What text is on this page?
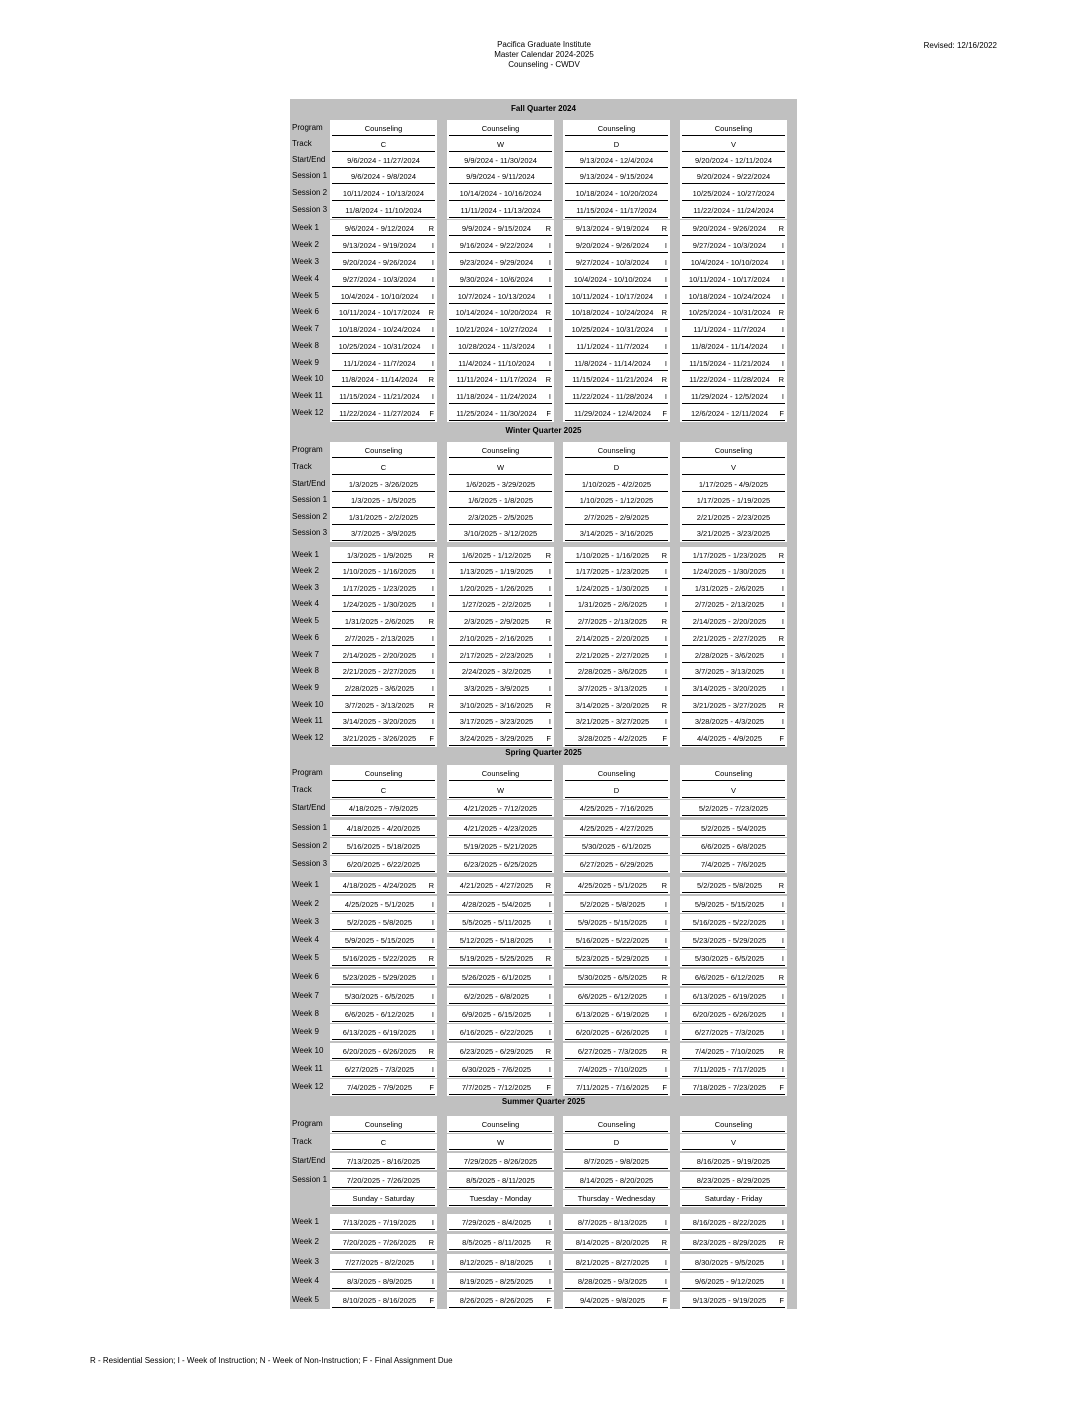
Pacifica Graduate Institute
Master Calendar 2024-2025
Counseling - CWDV
Revised: 12/16/2022
Fall Quarter 2024
Program	Counseling	Counseling	Counseling	Counseling
Track	C	W	D	V
Start/End	9/6/2024 - 11/27/2024	9/9/2024 - 11/30/2024	9/13/2024 - 12/4/2024	9/20/2024 - 12/11/2024
Session 1	9/6/2024 - 9/8/2024	9/9/2024 - 9/11/2024	9/13/2024 - 9/15/2024	9/20/2024 - 9/22/2024
Session 2	10/11/2024 - 10/13/2024	10/14/2024 - 10/16/2024	10/18/2024 - 10/20/2024	10/25/2024 - 10/27/2024
Session 3	11/8/2024 - 11/10/2024	11/11/2024 - 11/13/2024	11/15/2024 - 11/17/2024	11/22/2024 - 11/24/2024
Week 1	9/6/2024 - 9/12/2024	R	9/9/2024 - 9/15/2024	R	9/13/2024 - 9/19/2024	R	9/20/2024 - 9/26/2024	R
Week 2	9/13/2024 - 9/19/2024	I	9/16/2024 - 9/22/2024	I	9/20/2024 - 9/26/2024	I	9/27/2024 - 10/3/2024	I
Week 3	9/20/2024 - 9/26/2024	I	9/23/2024 - 9/29/2024	I	9/27/2024 - 10/3/2024	I	10/4/2024 - 10/10/2024	I
Week 4	9/27/2024 - 10/3/2024	I	9/30/2024 - 10/6/2024	I	10/4/2024 - 10/10/2024	I	10/11/2024 - 10/17/2024	I
Week 5	10/4/2024 - 10/10/2024	I	10/7/2024 - 10/13/2024	I	10/11/2024 - 10/17/2024	I	10/18/2024 - 10/24/2024	I
Week 6	10/11/2024 - 10/17/2024	R	10/14/2024 - 10/20/2024	R	10/18/2024 - 10/24/2024	R	10/25/2024 - 10/31/2024	R
Week 7	10/18/2024 - 10/24/2024	I	10/21/2024 - 10/27/2024	I	10/25/2024 - 10/31/2024	I	11/1/2024 - 11/7/2024	I
Week 8	10/25/2024 - 10/31/2024	I	10/28/2024 - 11/3/2024	I	11/1/2024 - 11/7/2024	I	11/8/2024 - 11/14/2024	I
Week 9	11/1/2024 - 11/7/2024	I	11/4/2024 - 11/10/2024	I	11/8/2024 - 11/14/2024	I	11/15/2024 - 11/21/2024	I
Week 10	11/8/2024 - 11/14/2024	R	11/11/2024 - 11/17/2024	R	11/15/2024 - 11/21/2024	R	11/22/2024 - 11/28/2024	R
Week 11	11/15/2024 - 11/21/2024	I	11/18/2024 - 11/24/2024	I	11/22/2024 - 11/28/2024	I	11/29/2024 - 12/5/2024	I
Week 12	11/22/2024 - 11/27/2024	F	11/25/2024 - 11/30/2024	F	11/29/2024 - 12/4/2024	F	12/6/2024 - 12/11/2024	F
Winter Quarter 2025
Program	Counseling	Counseling	Counseling	Counseling
Track	C	W	D	V
Start/End	1/3/2025 - 3/26/2025	1/6/2025 - 3/29/2025	1/10/2025 - 4/2/2025	1/17/2025 - 4/9/2025
Session 1	1/3/2025 - 1/5/2025	1/6/2025 - 1/8/2025	1/10/2025 - 1/12/2025	1/17/2025 - 1/19/2025
Session 2	1/31/2025 - 2/2/2025	2/3/2025 - 2/5/2025	2/7/2025 - 2/9/2025	2/21/2025 - 2/23/2025
Session 3	3/7/2025 - 3/9/2025	3/10/2025 - 3/12/2025	3/14/2025 - 3/16/2025	3/21/2025 - 3/23/2025
Week 1	1/3/2025 - 1/9/2025	R	1/6/2025 - 1/12/2025	R	1/10/2025 - 1/16/2025	R	1/17/2025 - 1/23/2025	R
Week 2	1/10/2025 - 1/16/2025	I	1/13/2025 - 1/19/2025	I	1/17/2025 - 1/23/2025	I	1/24/2025 - 1/30/2025	I
Week 3	1/17/2025 - 1/23/2025	I	1/20/2025 - 1/26/2025	I	1/24/2025 - 1/30/2025	I	1/31/2025 - 2/6/2025	I
Week 4	1/24/2025 - 1/30/2025	I	1/27/2025 - 2/2/2025	I	1/31/2025 - 2/6/2025	I	2/7/2025 - 2/13/2025	I
Week 5	1/31/2025 - 2/6/2025	R	2/3/2025 - 2/9/2025	R	2/7/2025 - 2/13/2025	R	2/14/2025 - 2/20/2025	I
Week 6	2/7/2025 - 2/13/2025	I	2/10/2025 - 2/16/2025	I	2/14/2025 - 2/20/2025	I	2/21/2025 - 2/27/2025	R
Week 7	2/14/2025 - 2/20/2025	I	2/17/2025 - 2/23/2025	I	2/21/2025 - 2/27/2025	I	2/28/2025 - 3/6/2025	I
Week 8	2/21/2025 - 2/27/2025	I	2/24/2025 - 3/2/2025	I	2/28/2025 - 3/6/2025	I	3/7/2025 - 3/13/2025	I
Week 9	2/28/2025 - 3/6/2025	I	3/3/2025 - 3/9/2025	I	3/7/2025 - 3/13/2025	I	3/14/2025 - 3/20/2025	I
Week 10	3/7/2025 - 3/13/2025	R	3/10/2025 - 3/16/2025	R	3/14/2025 - 3/20/2025	R	3/21/2025 - 3/27/2025	R
Week 11	3/14/2025 - 3/20/2025	I	3/17/2025 - 3/23/2025	I	3/21/2025 - 3/27/2025	I	3/28/2025 - 4/3/2025	I
Week 12	3/21/2025 - 3/26/2025	F	3/24/2025 - 3/29/2025	F	3/28/2025 - 4/2/2025	F	4/4/2025 - 4/9/2025	F
Spring Quarter 2025
Program	Counseling	Counseling	Counseling	Counseling
Track	C	W	D	V
Start/End	4/18/2025 - 7/9/2025	4/21/2025 - 7/12/2025	4/25/2025 - 7/16/2025	5/2/2025 - 7/23/2025
Session 1	4/18/2025 - 4/20/2025	4/21/2025 - 4/23/2025	4/25/2025 - 4/27/2025	5/2/2025 - 5/4/2025
Session 2	5/16/2025 - 5/18/2025	5/19/2025 - 5/21/2025	5/30/2025 - 6/1/2025	6/6/2025 - 6/8/2025
Session 3	6/20/2025 - 6/22/2025	6/23/2025 - 6/25/2025	6/27/2025 - 6/29/2025	7/4/2025 - 7/6/2025
Week 1	4/18/2025 - 4/24/2025	R	4/21/2025 - 4/27/2025	R	4/25/2025 - 5/1/2025	R	5/2/2025 - 5/8/2025	R
Week 2	4/25/2025 - 5/1/2025	I	4/28/2025 - 5/4/2025	I	5/2/2025 - 5/8/2025	I	5/9/2025 - 5/15/2025	I
Week 3	5/2/2025 - 5/8/2025	I	5/5/2025 - 5/11/2025	I	5/9/2025 - 5/15/2025	I	5/16/2025 - 5/22/2025	I
Week 4	5/9/2025 - 5/15/2025	I	5/12/2025 - 5/18/2025	I	5/16/2025 - 5/22/2025	I	5/23/2025 - 5/29/2025	I
Week 5	5/16/2025 - 5/22/2025	R	5/19/2025 - 5/25/2025	R	5/23/2025 - 5/29/2025	I	5/30/2025 - 6/5/2025	I
Week 6	5/23/2025 - 5/29/2025	I	5/26/2025 - 6/1/2025	I	5/30/2025 - 6/5/2025	R	6/6/2025 - 6/12/2025	R
Week 7	5/30/2025 - 6/5/2025	I	6/2/2025 - 6/8/2025	I	6/6/2025 - 6/12/2025	I	6/13/2025 - 6/19/2025	I
Week 8	6/6/2025 - 6/12/2025	I	6/9/2025 - 6/15/2025	I	6/13/2025 - 6/19/2025	I	6/20/2025 - 6/26/2025	I
Week 9	6/13/2025 - 6/19/2025	I	6/16/2025 - 6/22/2025	I	6/20/2025 - 6/26/2025	I	6/27/2025 - 7/3/2025	I
Week 10	6/20/2025 - 6/26/2025	R	6/23/2025 - 6/29/2025	R	6/27/2025 - 7/3/2025	R	7/4/2025 - 7/10/2025	R
Week 11	6/27/2025 - 7/3/2025	I	6/30/2025 - 7/6/2025	I	7/4/2025 - 7/10/2025	I	7/11/2025 - 7/17/2025	I
Week 12	7/4/2025 - 7/9/2025	F	7/7/2025 - 7/12/2025	F	7/11/2025 - 7/16/2025	F	7/18/2025 - 7/23/2025	F
Summer Quarter 2025
Program	Counseling	Counseling	Counseling	Counseling
Track	C	W	D	V
Start/End	7/13/2025 - 8/16/2025	7/29/2025 - 8/26/2025	8/7/2025 - 9/8/2025	8/16/2025 - 9/19/2025
Session 1	7/20/2025 - 7/26/2025	8/5/2025 - 8/11/2025	8/14/2025 - 8/20/2025	8/23/2025 - 8/29/2025
Sunday - Saturday	Tuesday - Monday	Thursday - Wednesday	Saturday - Friday
Week 1	7/13/2025 - 7/19/2025	I	7/29/2025 - 8/4/2025	I	8/7/2025 - 8/13/2025	I	8/16/2025 - 8/22/2025	I
Week 2	7/20/2025 - 7/26/2025	R	8/5/2025 - 8/11/2025	R	8/14/2025 - 8/20/2025	R	8/23/2025 - 8/29/2025	R
Week 3	7/27/2025 - 8/2/2025	I	8/12/2025 - 8/18/2025	I	8/21/2025 - 8/27/2025	I	8/30/2025 - 9/5/2025	I
Week 4	8/3/2025 - 8/9/2025	I	8/19/2025 - 8/25/2025	I	8/28/2025 - 9/3/2025	I	9/6/2025 - 9/12/2025	I
Week 5	8/10/2025 - 8/16/2025	F	8/26/2025 - 8/26/2025	F	9/4/2025 - 9/8/2025	F	9/13/2025 - 9/19/2025	F
R - Residential Session; I - Week of Instruction; N - Week of Non-Instruction; F - Final Assignment Due
